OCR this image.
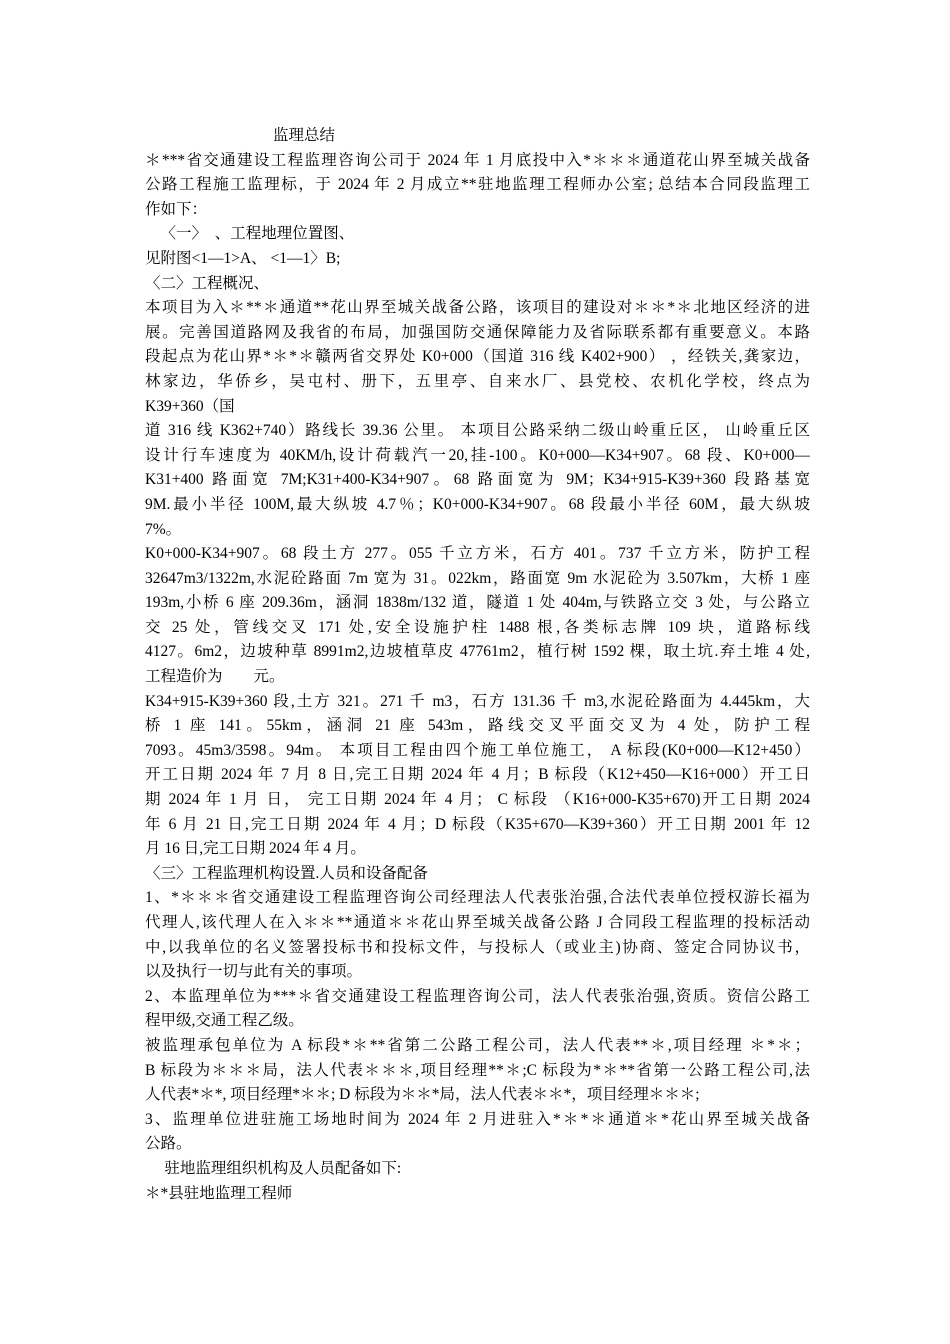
监理总结
＊***省交通建设工程监理咨询公司于 2024 年 1 月底投中入*＊＊＊通道花山界至城关战备
公路工程施工监理标，于 2024 年 2 月成立**驻地监理工程师办公室; 总结本合同段监理工
作如下：
〈一〉  、工程地理位置图、
见附图<1—1>A、 <1—1〉B;
〈二〉工程概况、
本项目为入＊**＊通道**花山界至城关战备公路，该项目的建设对＊＊*＊北地区经济的进
展。完善国道路网及我省的布局，加强国防交通保障能力及省际联系都有重要意义。本路
段起点为花山界*＊*＊赣两省交界处 K0+000（国道 316 线 K402+900） ，经铁关,龚家边，
林家边，华侨乡，吴屯村、册下，五里亭、自来水厂、县党校、农机化学校，终点为
K39+360（国
道 316 线 K362+740）路线长 39.36 公里。 本项目公路采纳二级山岭重丘区， 山岭重丘区
设计行车速度为 40KM/h,设计荷载汽一20,挂-100。K0+000—K34+907。68 段、K0+000—
K31+400 路面宽 7M;K31+400-K34+907。68 路面宽为 9M；K34+915-K39+360 段路基宽
9M.最小半径 100M,最大纵坡 4.7％；K0+000-K34+907。68 段最小半径 60M，最大纵坡
7%。
K0+000-K34+907。68 段土方 277。055 千立方米，石方 401。737 千立方米，防护工程
32647m3/1322m,水泥砼路面 7m 宽为 31。022km，路面宽 9m 水泥砼为 3.507km，大桥 1 座
193m,小桥 6 座 209.36m，涵洞 1838m/132 道，隧道 1 处 404m,与铁路立交 3 处，与公路立
交 25 处，管线交叉 171 处,安全设施护柱 1488 根,各类标志牌 109 块，道路标线
4127。6m2，边坡种草 8991m2,边坡植草皮 47761m2，植行树 1592 棵，取土坑.弃土堆 4 处,
工程造价为        元。
K34+915-K39+360 段,土方 321。271 千 m3，石方 131.36 千 m3,水泥砼路面为 4.445km，大
桥 1 座 141。55km，涵洞 21 座 543m，路线交叉平面交叉为 4 处，防护工程
7093。45m3/3598。94m。 本项目工程由四个施工单位施工， A 标段(K0+000—K12+450）
开工日期 2024 年 7 月 8 日,完工日期 2024 年 4 月；B 标段（K12+450—K16+000）开工日
期 2024 年 1 月 日， 完工日期 2024 年 4 月； C 标段 （K16+000-K35+670)开工日期 2024
年 6 月 21 日,完工日期 2024 年 4 月；D 标段（K35+670—K39+360）开工日期 2001 年 12
月 16 日,完工日期 2024 年 4 月。
〈三〉工程监理机构设置.人员和设备配备
1、*＊＊＊省交通建设工程监理咨询公司经理法人代表张治强,合法代表单位授权游长福为
代理人,该代理人在入＊＊**通道＊＊花山界至城关战备公路 J 合同段工程监理的投标活动
中,以我单位的名义签署投标书和投标文件，与投标人（或业主)协商、签定合同协议书，
以及执行一切与此有关的事项。
2、本监理单位为***＊省交通建设工程监理咨询公司，法人代表张治强,资质。资信公路工
程甲级,交通工程乙级。
被监理承包单位为 A 标段*＊**省第二公路工程公司，法人代表**＊,项目经理 ＊*＊；
B 标段为＊＊＊局，法人代表＊＊＊,项目经理**＊;C 标段为*＊**省第一公路工程公司,法
人代表*＊*, 项目经理*＊＊; D 标段为＊＊*局，法人代表＊＊*，项目经理＊＊＊;
3、监理单位进驻施工场地时间为 2024 年 2 月进驻入*＊*＊通道＊*花山界至城关战备
公路。
驻地监理组织机构及人员配备如下:
＊*县驻地监理工程师
